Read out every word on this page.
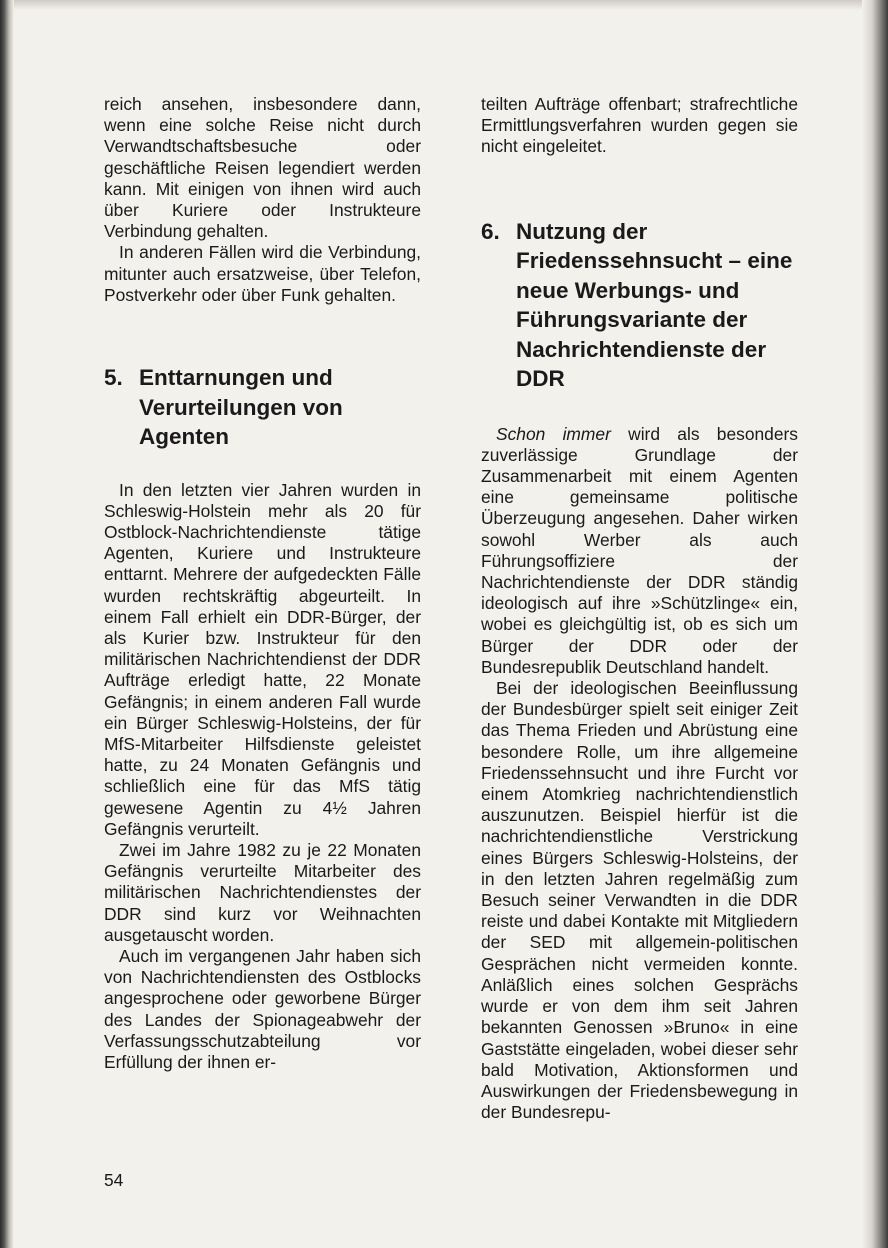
reich ansehen, insbesondere dann, wenn eine solche Reise nicht durch Verwandtschaftsbesuche oder geschäftliche Reisen legendiert werden kann. Mit einigen von ihnen wird auch über Kuriere oder Instrukteure Verbindung gehalten.

In anderen Fällen wird die Verbindung, mitunter auch ersatzweise, über Telefon, Postverkehr oder über Funk gehalten.

5. Enttarnungen und Verurteilungen von Agenten

In den letzten vier Jahren wurden in Schleswig-Holstein mehr als 20 für Ostblock-Nachrichtendienste tätige Agenten, Kuriere und Instrukteure enttarnt. Mehrere der aufgedeckten Fälle wurden rechtskräftig abgeurteilt. In einem Fall erhielt ein DDR-Bürger, der als Kurier bzw. Instrukteur für den militärischen Nachrichtendienst der DDR Aufträge erledigt hatte, 22 Monate Gefängnis; in einem anderen Fall wurde ein Bürger Schleswig-Holsteins, der für MfS-Mitarbeiter Hilfsdienste geleistet hatte, zu 24 Monaten Gefängnis und schließlich eine für das MfS tätig gewesene Agentin zu 4½ Jahren Gefängnis verurteilt.

Zwei im Jahre 1982 zu je 22 Monaten Gefängnis verurteilte Mitarbeiter des militärischen Nachrichtendienstes der DDR sind kurz vor Weihnachten ausgetauscht worden.

Auch im vergangenen Jahr haben sich von Nachrichtendiensten des Ostblocks angesprochene oder geworbene Bürger des Landes der Spionageabwehr der Verfassungsschutzabteilung vor Erfüllung der ihnen er-

teilten Aufträge offenbart; strafrechtliche Ermittlungsverfahren wurden gegen sie nicht eingeleitet.

6. Nutzung der Friedenssehnsucht – eine neue Werbungs- und Führungsvariante der Nachrichtendienste der DDR

Schon immer wird als besonders zuverlässige Grundlage der Zusammenarbeit mit einem Agenten eine gemeinsame politische Überzeugung angesehen. Daher wirken sowohl Werber als auch Führungsoffiziere der Nachrichtendienste der DDR ständig ideologisch auf ihre »Schützlinge« ein, wobei es gleichgültig ist, ob es sich um Bürger der DDR oder der Bundesrepublik Deutschland handelt.

Bei der ideologischen Beeinflussung der Bundesbürger spielt seit einiger Zeit das Thema Frieden und Abrüstung eine besondere Rolle, um ihre allgemeine Friedenssehnsucht und ihre Furcht vor einem Atomkrieg nachrichtendienstlich auszunutzen. Beispiel hierfür ist die nachrichtendienstliche Verstrickung eines Bürgers Schleswig-Holsteins, der in den letzten Jahren regelmäßig zum Besuch seiner Verwandten in die DDR reiste und dabei Kontakte mit Mitgliedern der SED mit allgemein-politischen Gesprächen nicht vermeiden konnte. Anläßlich eines solchen Gesprächs wurde er von dem ihm seit Jahren bekannten Genossen »Bruno« in eine Gaststätte eingeladen, wobei dieser sehr bald Motivation, Aktionsformen und Auswirkungen der Friedensbewegung in der Bundesrepu-

54
